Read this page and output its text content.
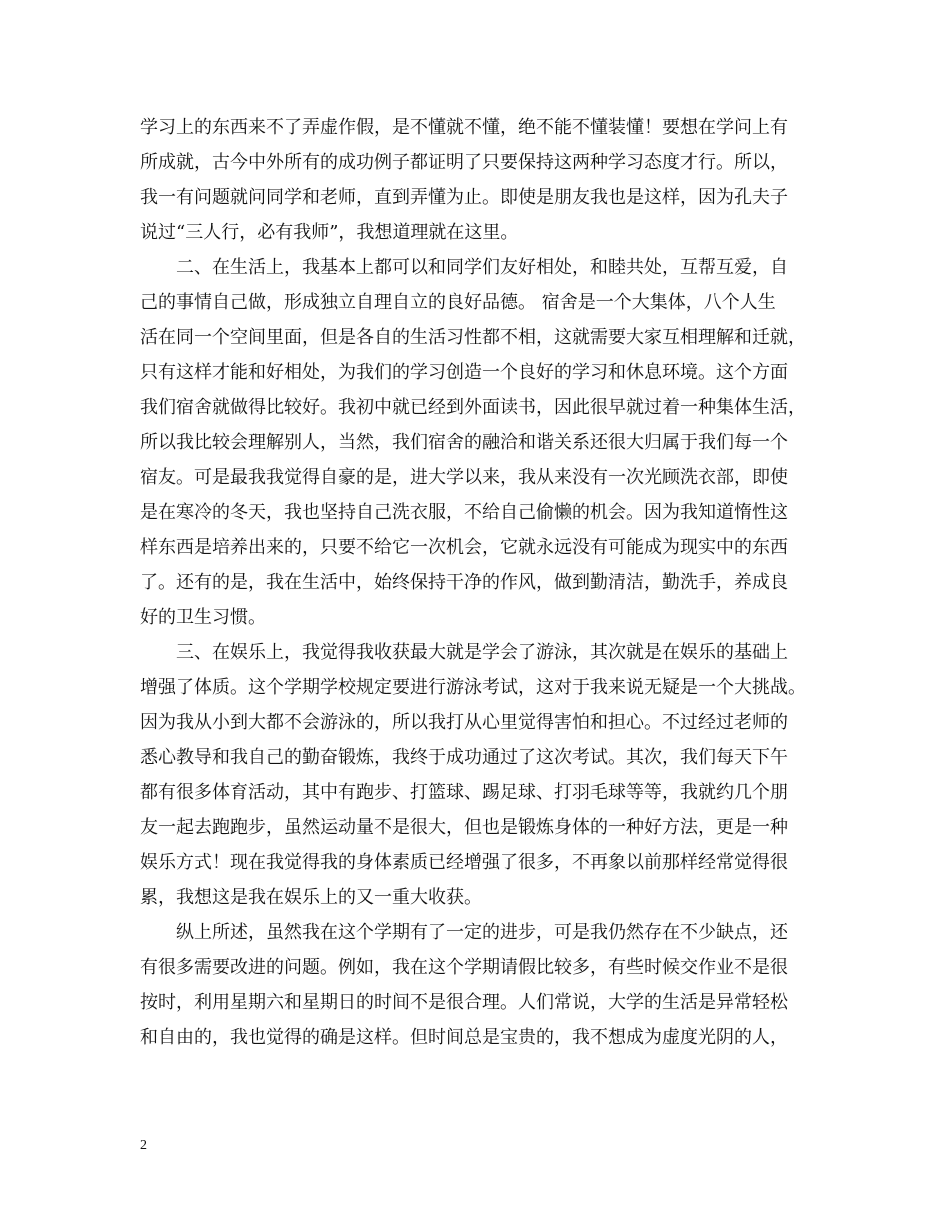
学习上的东西来不了弄虚作假，是不懂就不懂，绝不能不懂装懂！要想在学问上有
所成就，古今中外所有的成功例子都证明了只要保持这两种学习态度才行。所以，
我一有问题就问同学和老师，直到弄懂为止。即使是朋友我也是这样，因为孔夫子
说过“三人行，必有我师”，我想道理就在这里。
二、在生活上，我基本上都可以和同学们友好相处，和睦共处，互帮互爱，自
己的事情自己做，形成独立自理自立的良好品德。 宿舍是一个大集体，八个人生
活在同一个空间里面，但是各自的生活习性都不相，这就需要大家互相理解和迁就，
只有这样才能和好相处，为我们的学习创造一个良好的学习和休息环境。这个方面
我们宿舍就做得比较好。我初中就已经到外面读书，因此很早就过着一种集体生活，
所以我比较会理解别人，当然，我们宿舍的融洽和谐关系还很大归属于我们每一个
宿友。可是最我我觉得自豪的是，进大学以来，我从来没有一次光顾洗衣部，即使
是在寒冷的冬天，我也坚持自己洗衣服，不给自己偷懒的机会。因为我知道惰性这
样东西是培养出来的，只要不给它一次机会，它就永远没有可能成为现实中的东西
了。还有的是，我在生活中，始终保持干净的作风，做到勤清洁，勤洗手，养成良
好的卫生习惯。
三、在娱乐上，我觉得我收获最大就是学会了游泳，其次就是在娱乐的基础上
增强了体质。这个学期学校规定要进行游泳考试，这对于我来说无疑是一个大挑战。
因为我从小到大都不会游泳的，所以我打从心里觉得害怕和担心。不过经过老师的
悉心教导和我自己的勤奋锻炼，我终于成功通过了这次考试。其次，我们每天下午
都有很多体育活动，其中有跑步、打篮球、踢足球、打羽毛球等等，我就约几个朋
友一起去跑跑步，虽然运动量不是很大，但也是锻炼身体的一种好方法，更是一种
娱乐方式！现在我觉得我的身体素质已经增强了很多，不再象以前那样经常觉得很
累，我想这是我在娱乐上的又一重大收获。
纵上所述，虽然我在这个学期有了一定的进步，可是我仍然存在不少缺点，还
有很多需要改进的问题。例如，我在这个学期请假比较多，有些时候交作业不是很
按时，利用星期六和星期日的时间不是很合理。人们常说，大学的生活是异常轻松
和自由的，我也觉得的确是这样。但时间总是宝贵的，我不想成为虚度光阴的人，
2
